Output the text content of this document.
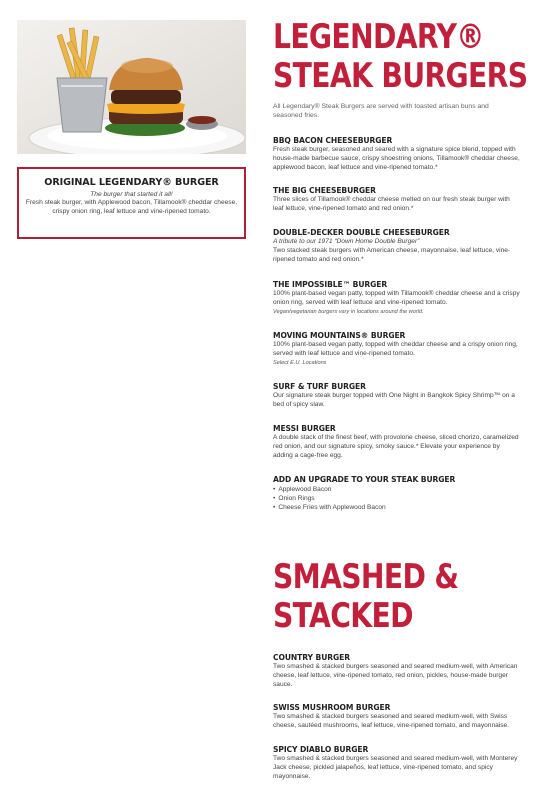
ORIGINAL LEGENDARY® BURGER
The burger that started it all!
Fresh steak burger, with Applewood bacon, Tillamook® cheddar cheese, crispy onion ring, leaf lettuce and vine-ripened tomato.
LEGENDARY®
STEAK BURGERS
All Legendary® Steak Burgers are served with toasted artisan buns and seasoned fries.
BBQ BACON CHEESEBURGER
Fresh steak burger, seasoned and seared with a signature spice blend, topped with house-made barbecue sauce, crispy shoestring onions, Tillamook® cheddar cheese, applewood bacon, leaf lettuce and vine-ripened tomato.*
THE BIG CHEESEBURGER
Three slices of Tillamook® cheddar cheese melted on our fresh steak burger with leaf lettuce, vine-ripened tomato and red onion.*
DOUBLE-DECKER DOUBLE CHEESEBURGER
A tribute to our 1971 “Down Home Double Burger”
Two stacked steak burgers with American cheese, mayonnaise, leaf lettuce, vine-ripened tomato and red onion.*
THE IMPOSSIBLE™ BURGER
100% plant-based vegan patty, topped with Tillamook® cheddar cheese and a crispy onion ring, served with leaf lettuce and vine-ripened tomato.
Vegan/vegetarian burgers vary in locations around the world.
MOVING MOUNTAINS® BURGER
100% plant-based vegan patty, topped with cheddar cheese and a crispy onion ring, served with leaf lettuce and vine-ripened tomato.
Select E.U. Locations
SURF & TURF BURGER
Our signature steak burger topped with One Night in Bangkok Spicy Shrimp™ on a bed of spicy slaw.
MESSI BURGER
A double stack of the finest beef, with provolone cheese, sliced chorizo, caramelized red onion, and our signature spicy, smoky sauce.* Elevate your experience by adding a cage-free egg.
ADD AN UPGRADE TO YOUR STEAK BURGER
• Applewood Bacon
• Onion Rings
• Cheese Fries with Applewood Bacon
SMASHED &
STACKED
COUNTRY BURGER
Two smashed & stacked burgers seasoned and seared medium-well, with American cheese, leaf lettuce, vine-ripened tomato, red onion, pickles, house-made burger sauce.
SWISS MUSHROOM BURGER
Two smashed & stacked burgers seasoned and seared medium-well, with Swiss cheese, sautéed mushrooms, leaf lettuce, vine-ripened tomato, and mayonnaise.
SPICY DIABLO BURGER
Two smashed & stacked burgers seasoned and seared medium-well, with Monterey Jack cheese, pickled jalapeños, leaf lettuce, vine-ripened tomato, and spicy mayonnaise.
